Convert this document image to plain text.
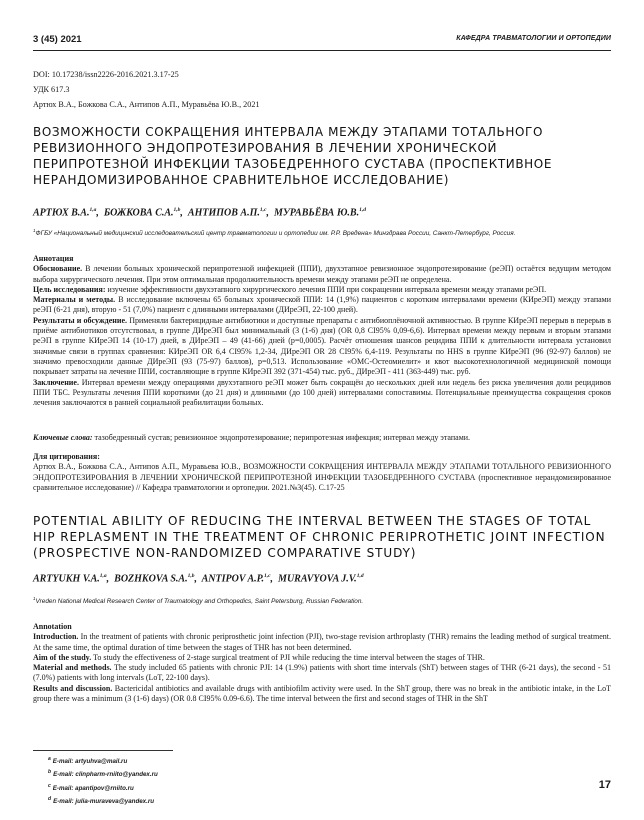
3 (45) 2021	КАФЕДРА ТРАВМАТОЛОГИИ И ОРТОПЕДИИ
DOI: 10.17238/issn2226-2016.2021.3.17-25
УДК 617.3
Артюх В.А., Божкова С.А., Антипов А.П., Муравьёва Ю.В., 2021
ВОЗМОЖНОСТИ СОКРАЩЕНИЯ ИНТЕРВАЛА МЕЖДУ ЭТАПАМИ ТОТАЛЬНОГО РЕВИЗИОННОГО ЭНДОПРОТЕЗИРОВАНИЯ В ЛЕЧЕНИИ ХРОНИЧЕСКОЙ ПЕРИПРОТЕЗНОЙ ИНФЕКЦИИ ТАЗОБЕДРЕННОГО СУСТАВА (ПРОСПЕКТИВНОЕ НЕРАНДОМИЗИРОВАННОЕ СРАВНИТЕЛЬНОЕ ИССЛЕДОВАНИЕ)
АРТЮХ В.А.$^{1,a}$,  БОЖКОВА С.А.$^{1,b}$,  АНТИПОВ А.П.$^{1,c}$,  МУРАВЬЁВА Ю.В.$^{1,d}$
$^1$ФГБУ «Национальный медицинский исследовательский центр травматологии и ортопедии им. Р.Р. Вредена» Минздрава России, Санкт-Петербург, Россия.

Аннотация

Обоснование. В лечении больных хронической перипротезной инфекцией (ППИ), двухэтапное ревизионное эндопротезирование (реЭП) остаётся ведущим методом выбора хирургического лечения. При этом оптимальная продолжительность времени между этапами реЭП не определена.

Цель исследования: изучение эффективности двухэтапного хирургического лечения ППИ при сокращении интервала времени между этапами реЭП.

Материалы и методы. В исследование включены 65 больных хронической ППИ: 14 (1,9%) пациентов с коротким интервалами времени (КИреЭП) между этапами реЭП (6-21 дня), вторую - 51 (7,0%) пациент с длинными интервалами (ДИреЭП, 22-100 дней).

Результаты и обсуждение. Применяли бактерицидные антибиотики и доступные препараты с антибиоплёночной активностью. В группе КИреЭП перерыв в перерыв в приёме антибиотиков отсутствовал, в группе ДИреЭП был минимальный (3 (1-6) дня) (OR 0,8 CI95% 0,09-6,6). Интервал времени между первым и вторым этапами реЭП в группе КИреЭП 14 (10-17) дней, в ДИреЭП – 49 (41-66) дней (p=0,0005). Расчёт отношения шансов рецидива ППИ к длительности интервала установил значимые связи в группах сравнения: КИреЭП OR 6,4 CI95% 1,2-34, ДИреЭП OR 28 CI95% 6,4-119. Результаты по HHS в группе КИреЭП (96 (92-97) баллов) не значимо превосходили данные ДИреЭП (93 (75-97) баллов), p=0,513. Использование «ОМС-Остеомиелит» и квот высокотехнологичной медицинской помощи покрывает затраты на лечение ППИ, составляющие в группе КИреЭП 392 (371-454) тыс. руб., ДИреЭП - 411 (363-449) тыс. руб.

Заключение. Интервал времени между операциями двухэтапного реЭП может быть сокращён до нескольких дней или недель без риска увеличения доли рецидивов ППИ ТБС. Результаты лечения ППИ короткими (до 21 дня) и длинными (до 100 дней) интервалами сопоставимы. Потенциальные преимущества сокращения сроков лечения заключаются в ранней социальной реабилитации больных.

Ключевые слова: тазобедренный сустав; ревизионное эндопротезирование; перипротезная инфекция; интервал между этапами.

Для цитирования:

Артюх В.А., Божкова С.А., Антипов А.П., Муравьева Ю.В., ВОЗМОЖНОСТИ СОКРАЩЕНИЯ ИНТЕРВАЛА МЕЖДУ ЭТАПАМИ ТОТАЛЬНОГО РЕВИЗИОННОГО ЭНДОПРОТЕЗИРОВАНИЯ В ЛЕЧЕНИИ ХРОНИЧЕСКОЙ ПЕРИПРОТЕЗНОЙ ИНФЕКЦИИ ТАЗОБЕДРЕННОГО СУСТАВА (проспективное нерандомизированное сравнительное исследование) // Кафедра травматологии и ортопедии. 2021.№3(45). С.17-25

POTENTIAL ABILITY OF REDUCING THE INTERVAL BETWEEN THE STAGES OF TOTAL HIP REPLASMENT IN THE TREATMENT OF CHRONIC PERIPROTHETIC JOINT INFECTION (PROSPECTIVE NON-RANDOMIZED COMPARATIVE STUDY)
ARTYUKH V.A.$^{1,a}$,  BOZHKOVA S.A.$^{1,b}$,  ANTIPOV A.P.$^{1,c}$,  MURAVYOVA J.V.$^{1,d}$
$^1$Vreden National Medical Research Center of Traumatology and Orthopedics, Saint Petersburg, Russian Federation.

Annotation

Introduction. In the treatment of patients with chronic periprosthetic joint infection (PJI), two-stage revision arthroplasty (THR) remains the leading method of surgical treatment. At the same time, the optimal duration of time between the stages of THR has not been determined.

Aim of the study. To study the effectiveness of 2-stage surgical treatment of PJI while reducing the time interval between the stages of THR.

Material and methods. The study included 65 patients with chronic PJI: 14 (1.9%) patients with short time intervals (ShT) between stages of THR (6-21 days), the second - 51 (7.0%) patients with long intervals (LoT, 22-100 days).

Results and discussion. Bactericidal antibiotics and available drugs with antibiofilm activity were used. In the ShT group, there was no break in the antibiotic intake, in the LoT group there was a minimum (3 (1-6) days) (OR 0.8 CI95% 0.09-6.6). The time interval between the first and second stages of THR in the ShT

$^a$ E-mail: artyuhva@mail.ru
$^b$ E-mail: clinpharm-rniito@yandex.ru
$^c$ E-mail: apantipov@rniito.ru
$^d$ E-mail: julia-muraveva@yandex.ru
17
